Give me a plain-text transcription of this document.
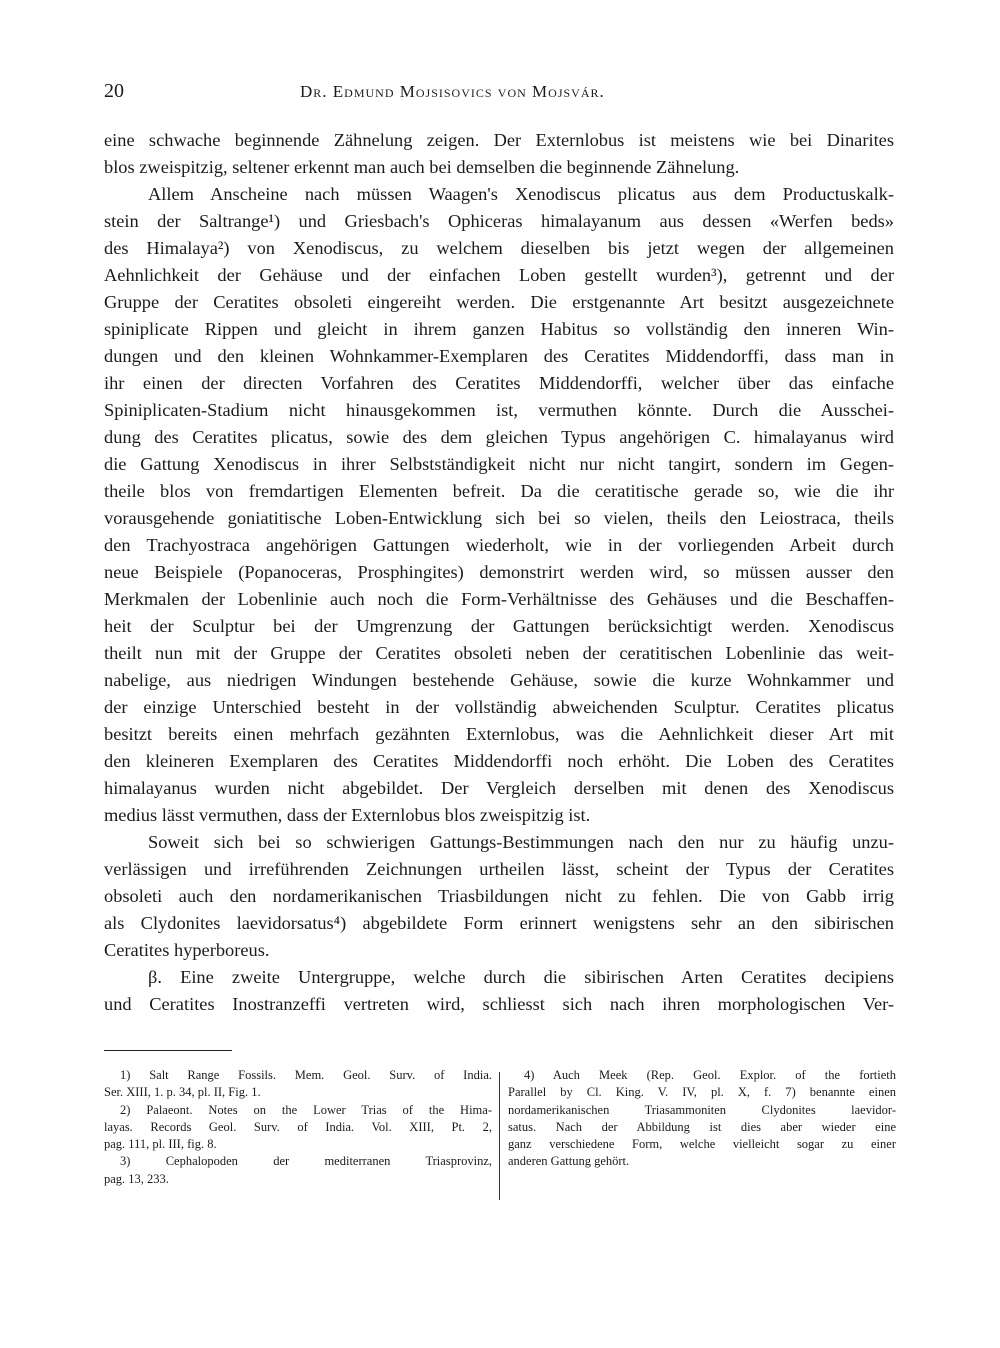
20	Dr. Edmund Mojsisovics von Mojsvár.
eine schwache beginnende Zähnelung zeigen. Der Externlobus ist meistens wie bei Dinarites
blos zweispitzig, seltener erkennt man auch bei demselben die beginnende Zähnelung.
Allem Anscheine nach müssen Waagen's Xenodiscus plicatus aus dem Productuskalk-
stein der Saltrange¹) und Griesbach's Ophiceras himalayanum aus dessen «Werfen beds»
des Himalaya²) von Xenodiscus, zu welchem dieselben bis jetzt wegen der allgemeinen
Aehnlichkeit der Gehäuse und der einfachen Loben gestellt wurden³), getrennt und der
Gruppe der Ceratites obsoleti eingereiht werden. Die erstgenannte Art besitzt ausgezeichnete
spiniplicate Rippen und gleicht in ihrem ganzen Habitus so vollständig den inneren Win-
dungen und den kleinen Wohnkammer-Exemplaren des Ceratites Middendorffi, dass man in
ihr einen der directen Vorfahren des Ceratites Middendorffi, welcher über das einfache
Spiniplicaten-Stadium nicht hinausgekommen ist, vermuthen könnte. Durch die Ausschei-
dung des Ceratites plicatus, sowie des dem gleichen Typus angehörigen C. himalayanus wird
die Gattung Xenodiscus in ihrer Selbstständigkeit nicht nur nicht tangirt, sondern im Gegen-
theile blos von fremdartigen Elementen befreit. Da die ceratitische gerade so, wie die ihr
vorausgehende goniatitische Loben-Entwicklung sich bei so vielen, theils den Leiostraca, theils
den Trachyostraca angehörigen Gattungen wiederholt, wie in der vorliegenden Arbeit durch
neue Beispiele (Popanoceras, Prosphingites) demonstrirt werden wird, so müssen ausser den
Merkmalen der Lobenlinie auch noch die Form-Verhältnisse des Gehäuses und die Beschaffen-
heit der Sculptur bei der Umgrenzung der Gattungen berücksichtigt werden. Xenodiscus
theilt nun mit der Gruppe der Ceratites obsoleti neben der ceratitischen Lobenlinie das weit-
nabelige, aus niedrigen Windungen bestehende Gehäuse, sowie die kurze Wohnkammer und
der einzige Unterschied besteht in der vollständig abweichenden Sculptur. Ceratites plicatus
besitzt bereits einen mehrfach gezähnten Externlobus, was die Aehnlichkeit dieser Art mit
den kleineren Exemplaren des Ceratites Middendorffi noch erhöht. Die Loben des Ceratites
himalayanus wurden nicht abgebildet. Der Vergleich derselben mit denen des Xenodiscus
medius lässt vermuthen, dass der Externlobus blos zweispitzig ist.
Soweit sich bei so schwierigen Gattungs-Bestimmungen nach den nur zu häufig unzu-
verlässigen und irreführenden Zeichnungen urtheilen lässt, scheint der Typus der Ceratites
obsoleti auch den nordamerikanischen Triasbildungen nicht zu fehlen. Die von Gabb irrig
als Clydonites laevidorsatus⁴) abgebildete Form erinnert wenigstens sehr an den sibirischen
Ceratites hyperboreus.
β. Eine zweite Untergruppe, welche durch die sibirischen Arten Ceratites decipiens
und Ceratites Inostranzeffi vertreten wird, schliesst sich nach ihren morphologischen Ver-
1) Salt Range Fossils. Mem. Geol. Surv. of India.
Ser. XIII, 1. p. 34, pl. II, Fig. 1.
2) Palaeont. Notes on the Lower Trias of the Hima-
layas. Records Geol. Surv. of India. Vol. XIII, Pt. 2,
pag. 111, pl. III, fig. 8.
3) Cephalopoden der mediterranen Triasprovinz,
pag. 13, 233.
4) Auch Meek (Rep. Geol. Explor. of the fortieth
Parallel by Cl. King. V. IV, pl. X, f. 7) benannte einen
nordamerikanischen Triasammoniten Clydonites laevidor-
satus. Nach der Abbildung ist dies aber wieder eine
ganz verschiedene Form, welche vielleicht sogar zu einer
anderen Gattung gehört.
